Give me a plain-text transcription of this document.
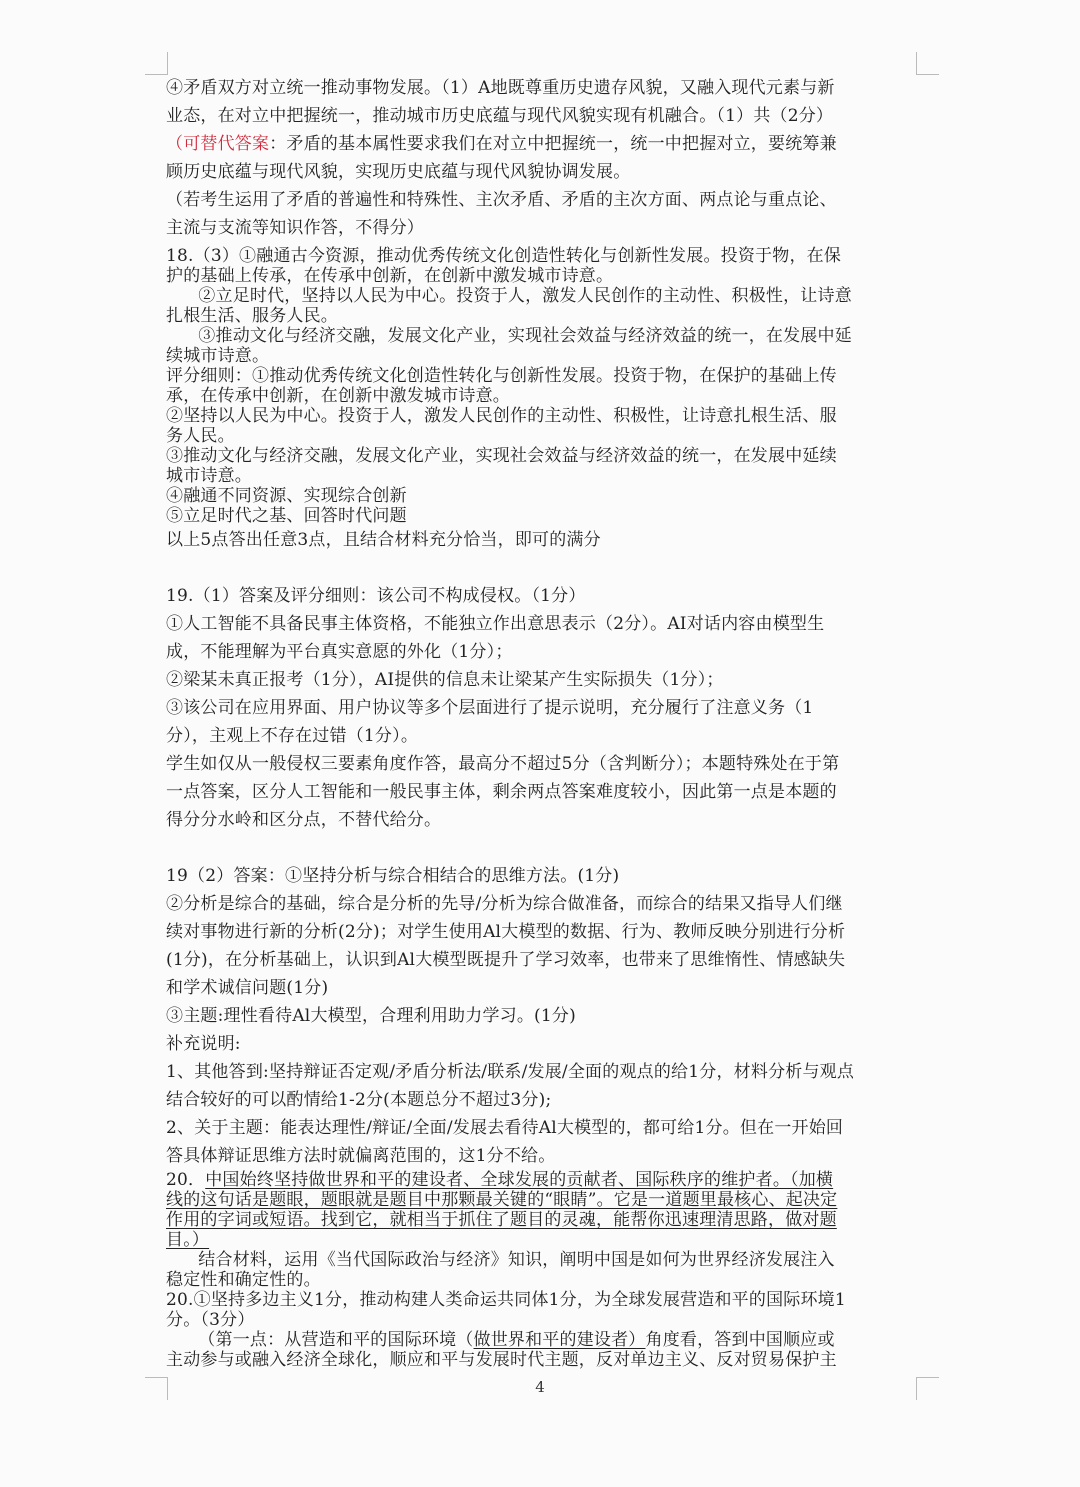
④矛盾双方对立统一推动事物发展。（1）A地既尊重历史遗存风貌，又融入现代元素与新

业态，在对立中把握统一，推动城市历史底蕴与现代风貌实现有机融合。（1）共（2分）

（可替代答案：矛盾的基本属性要求我们在对立中把握统一，统一中把握对立，要统筹兼

顾历史底蕴与现代风貌，实现历史底蕴与现代风貌协调发展。

（若考生运用了矛盾的普遍性和特殊性、主次矛盾、矛盾的主次方面、两点论与重点论、

主流与支流等知识作答，不得分）

18.（3）①融通古今资源，推动优秀传统文化创造性转化与创新性发展。投资于物，在保

护的基础上传承，在传承中创新，在创新中激发城市诗意。

②立足时代，坚持以人民为中心。投资于人，激发人民创作的主动性、积极性，让诗意

扎根生活、服务人民。

③推动文化与经济交融，发展文化产业，实现社会效益与经济效益的统一，在发展中延

续城市诗意。

评分细则：①推动优秀传统文化创造性转化与创新性发展。投资于物，在保护的基础上传

承，在传承中创新，在创新中激发城市诗意。

②坚持以人民为中心。投资于人，激发人民创作的主动性、积极性，让诗意扎根生活、服

务人民。

③推动文化与经济交融，发展文化产业，实现社会效益与经济效益的统一，在发展中延续

城市诗意。

④融通不同资源、实现综合创新

⑤立足时代之基、回答时代问题

以上5点答出任意3点，且结合材料充分恰当，即可的满分

19.（1）答案及评分细则：该公司不构成侵权。（1分）

①人工智能不具备民事主体资格，不能独立作出意思表示（2分）。AI对话内容由模型生

成，不能理解为平台真实意愿的外化（1分）；

②梁某未真正报考（1分），AI提供的信息未让梁某产生实际损失（1分）；

③该公司在应用界面、用户协议等多个层面进行了提示说明，充分履行了注意义务（1

分），主观上不存在过错（1分）。

学生如仅从一般侵权三要素角度作答，最高分不超过5分（含判断分）；本题特殊处在于第

一点答案，区分人工智能和一般民事主体，剩余两点答案难度较小，因此第一点是本题的

得分分水岭和区分点，不替代给分。

19（2）答案：①坚持分析与综合相结合的思维方法。(1分)

②分析是综合的基础，综合是分析的先导/分析为综合做准备，而综合的结果又指导人们继

续对事物进行新的分析(2分)；对学生使用Al大模型的数据、行为、教师反映分别进行分析

(1分)，在分析基础上，认识到Al大模型既提升了学习效率，也带来了思维惰性、情感缺失

和学术诚信问题(1分)

③主题:理性看待Al大模型，合理利用助力学习。(1分)

补充说明:

1、其他答到:坚持辩证否定观/矛盾分析法/联系/发展/全面的观点的给1分，材料分析与观点

结合较好的可以酌情给1-2分(本题总分不超过3分);

2、关于主题：能表达理性/辩证/全面/发展去看待Al大模型的，都可给1分。但在一开始回

答具体辩证思维方法时就偏离范围的，这1分不给。

20．中国始终坚持做世界和平的建设者、全球发展的贡献者、国际秩序的维护者。（加横

线的这句话是题眼，题眼就是题目中那颗最关键的“眼睛”。它是一道题里最核心、起决定

作用的字词或短语。找到它，就相当于抓住了题目的灵魂，能帮你迅速理清思路，做对题

目。）

结合材料，运用《当代国际政治与经济》知识，阐明中国是如何为世界经济发展注入

稳定性和确定性的。

20.①坚持多边主义1分，推动构建人类命运共同体1分，为全球发展营造和平的国际环境1

分。（3分）

（第一点：从营造和平的国际环境（做世界和平的建设者）角度看，答到中国顺应或

主动参与或融入经济全球化，顺应和平与发展时代主题，反对单边主义、反对贸易保护主

4
